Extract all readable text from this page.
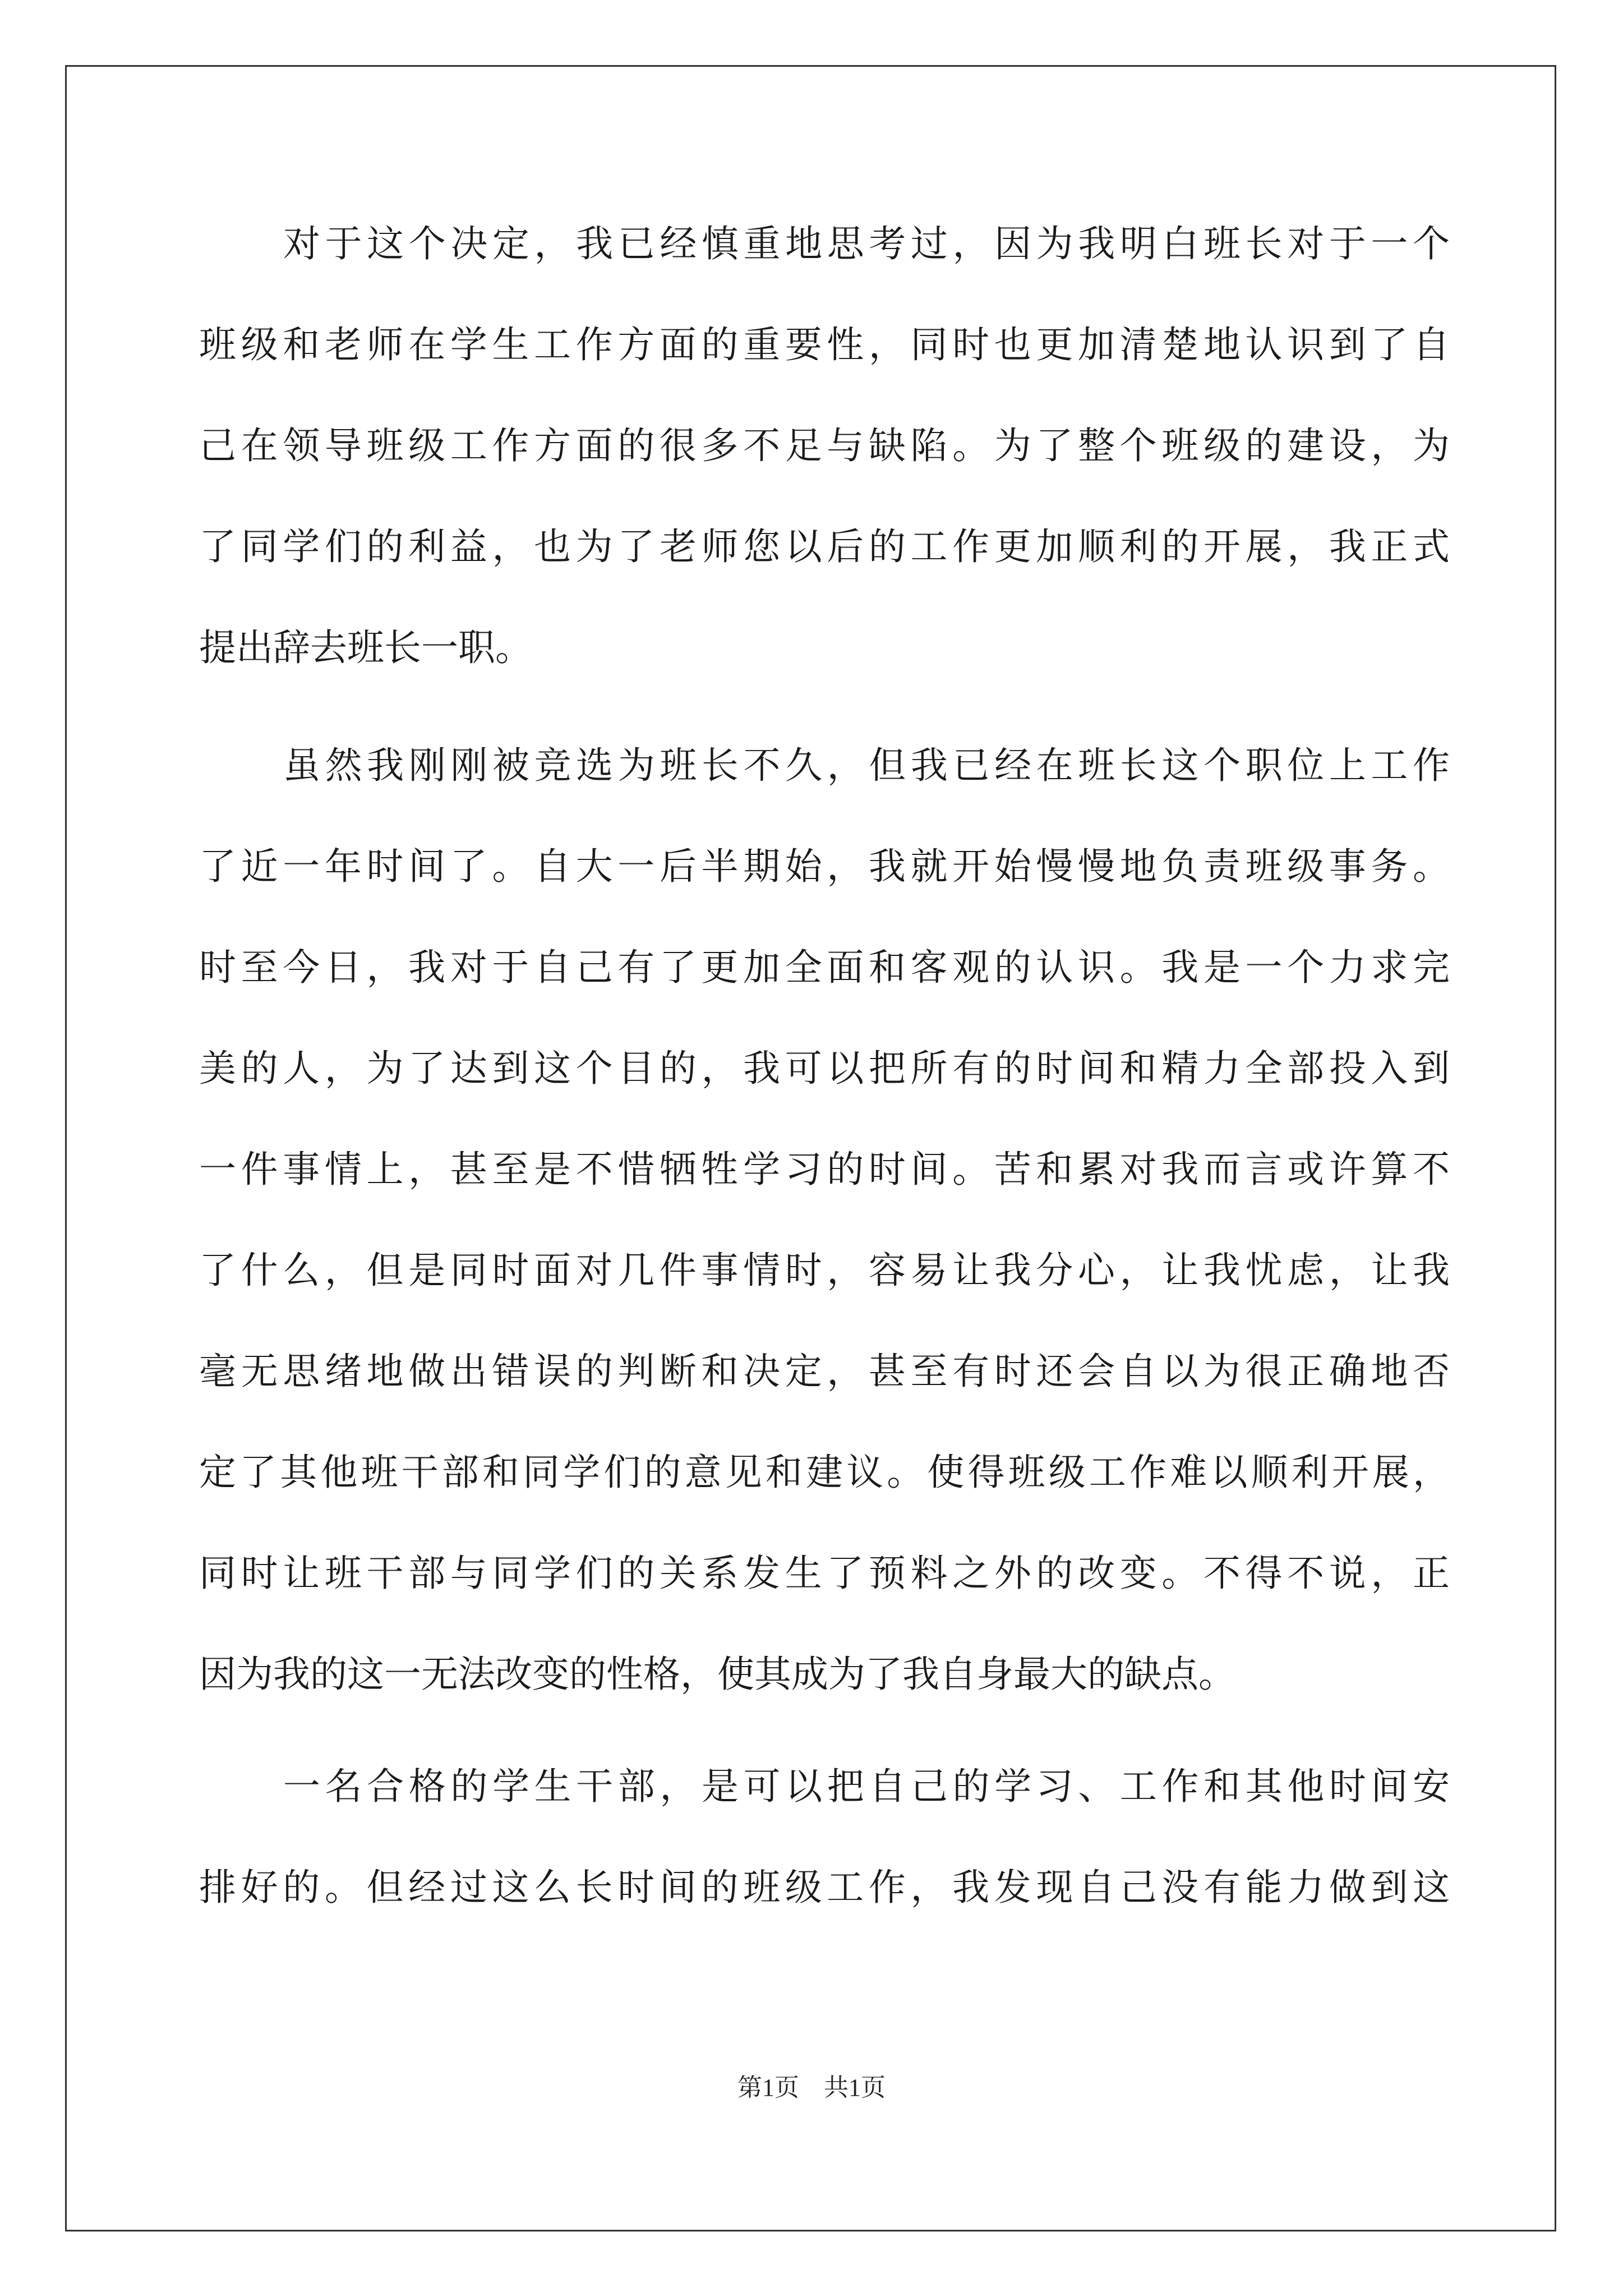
对于这个决定，我已经慎重地思考过，因为我明白班长对于一个
班级和老师在学生工作方面的重要性，同时也更加清楚地认识到了自
己在领导班级工作方面的很多不足与缺陷。为了整个班级的建设，为
了同学们的利益，也为了老师您以后的工作更加顺利的开展，我正式
提出辞去班长一职。
虽然我刚刚被竞选为班长不久，但我已经在班长这个职位上工作
了近一年时间了。自大一后半期始，我就开始慢慢地负责班级事务。
时至今日，我对于自己有了更加全面和客观的认识。我是一个力求完
美的人，为了达到这个目的，我可以把所有的时间和精力全部投入到
一件事情上，甚至是不惜牺牲学习的时间。苦和累对我而言或许算不
了什么，但是同时面对几件事情时，容易让我分心，让我忧虑，让我
毫无思绪地做出错误的判断和决定，甚至有时还会自以为很正确地否
定了其他班干部和同学们的意见和建议。使得班级工作难以顺利开展，
同时让班干部与同学们的关系发生了预料之外的改变。不得不说，正
因为我的这一无法改变的性格，使其成为了我自身最大的缺点。
一名合格的学生干部，是可以把自己的学习、工作和其他时间安
排好的。但经过这么长时间的班级工作，我发现自己没有能力做到这
第1页　共1页
